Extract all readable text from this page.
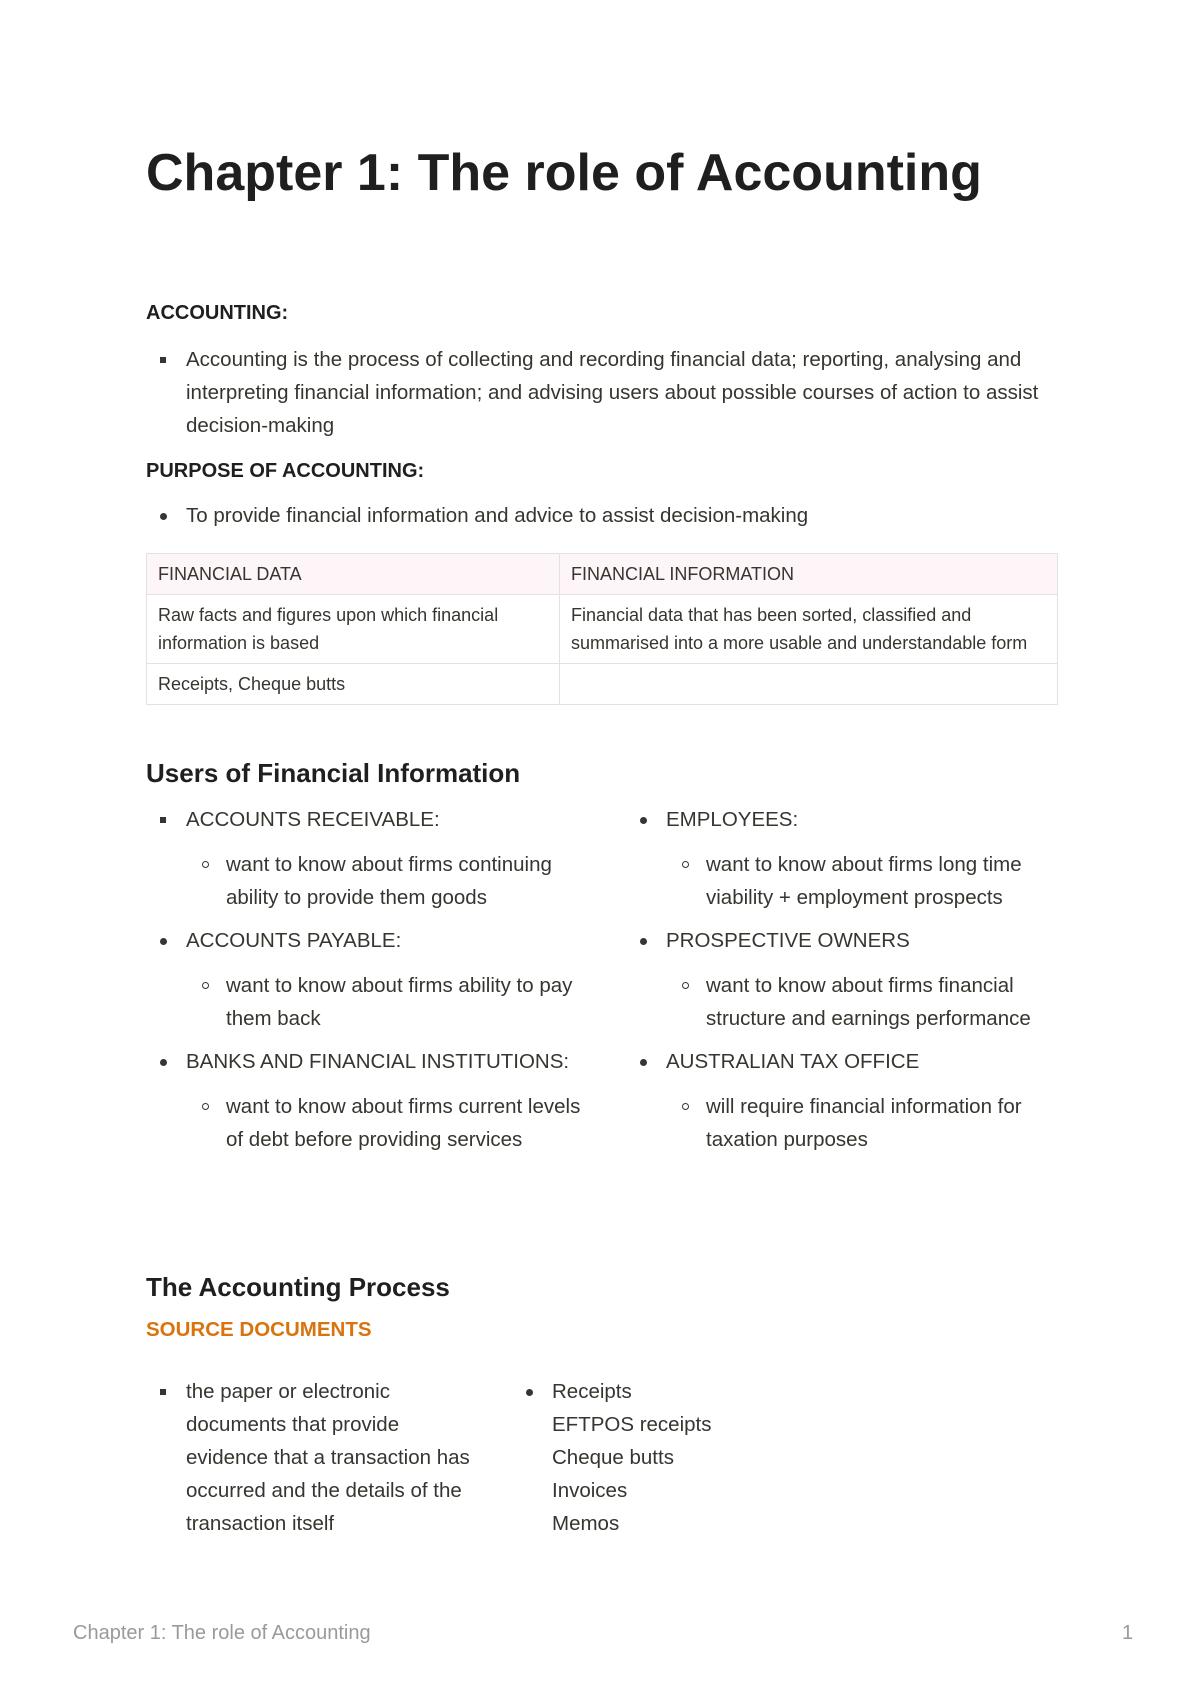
Chapter 1: The role of Accounting

ACCOUNTING:

Accounting is the process of collecting and recording financial data; reporting, analysing and interpreting financial information; and advising users about possible courses of action to assist decision-making

PURPOSE OF ACCOUNTING:

To provide financial information and advice to assist decision-making
FINANCIAL DATA	FINANCIAL INFORMATION
Raw facts and figures upon which financial information is based	Financial data that has been sorted, classified and summarised into a more usable and understandable form
Receipts, Cheque butts	
Users of Financial Information
ACCOUNTS RECEIVABLE:
want to know about firms continuing ability to provide them goods
ACCOUNTS PAYABLE:
want to know about firms ability to pay them back
BANKS AND FINANCIAL INSTITUTIONS:
want to know about firms current levels of debt before providing services
EMPLOYEES:
want to know about firms long time viability + employment prospects
PROSPECTIVE OWNERS
want to know about firms financial structure and earnings performance
AUSTRALIAN TAX OFFICE
will require financial information for taxation purposes
The Accounting Process

SOURCE DOCUMENTS

the paper or electronic documents that provide evidence that a transaction has occurred and the details of the transaction itself
Receipts
EFTPOS receipts
Cheque butts
Invoices
Memos
Chapter 1: The role of Accounting	1
